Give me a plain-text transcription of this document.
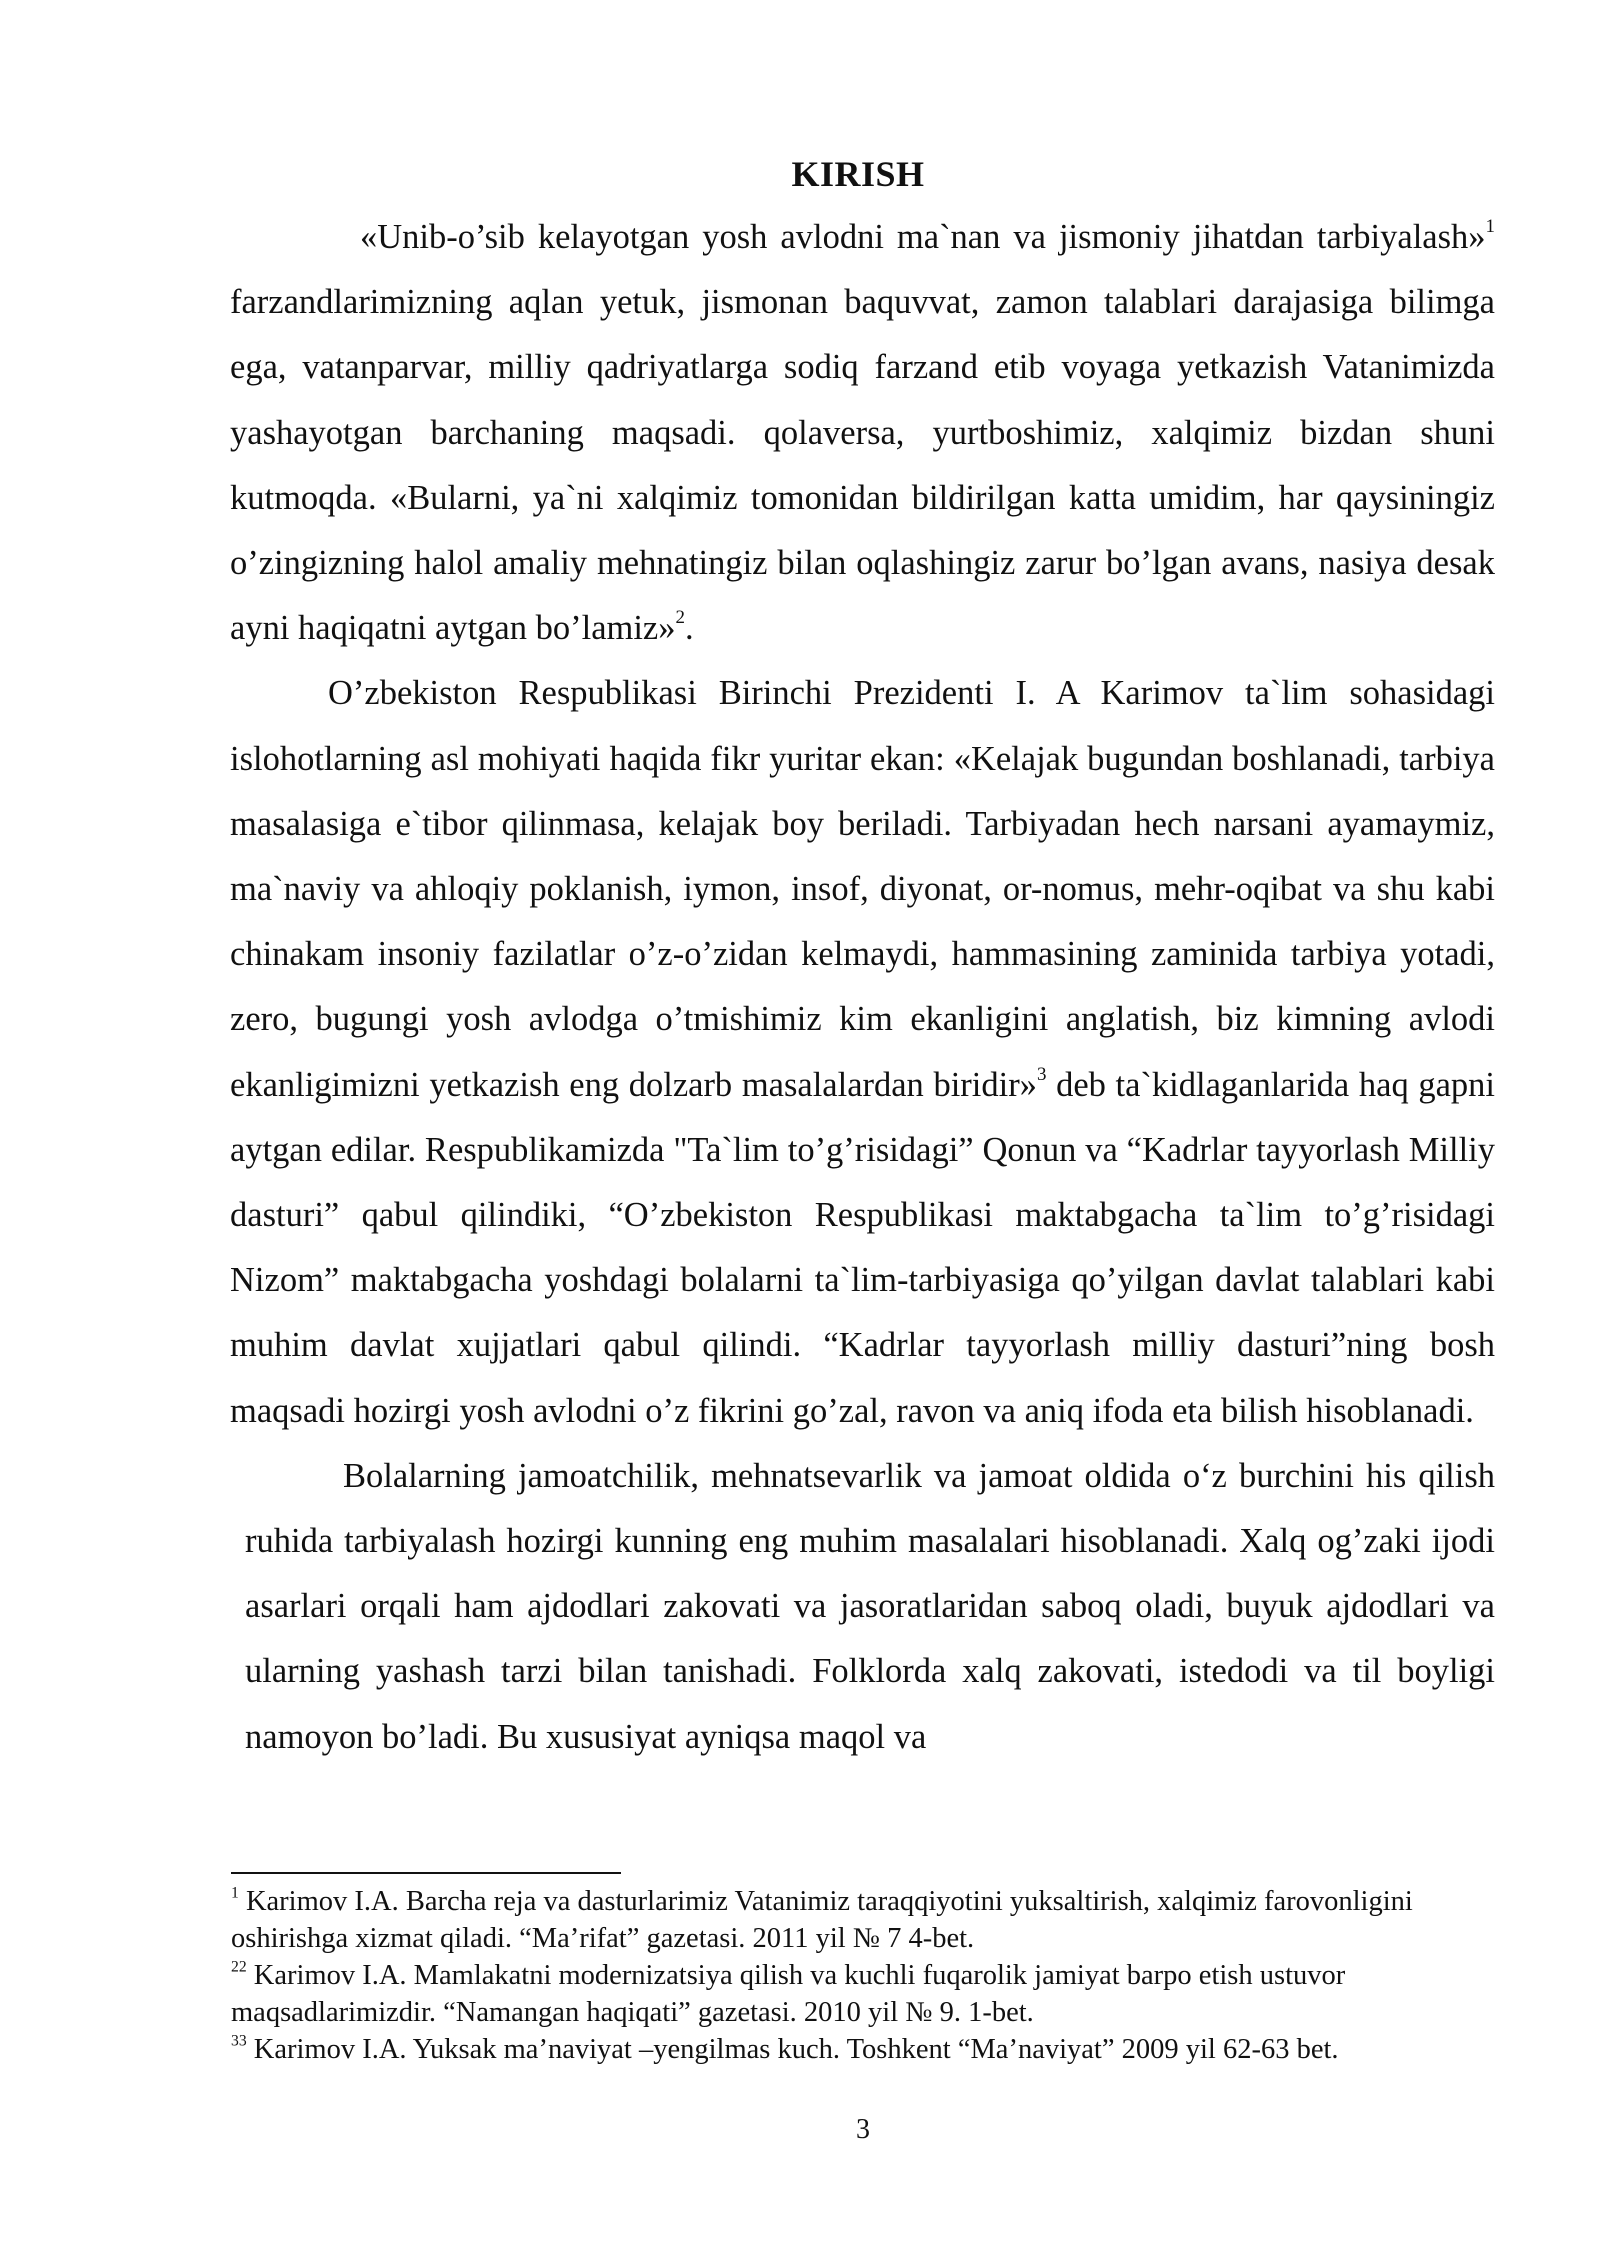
KIRISH

«Unib-o’sib kelayotgan yosh avlodni ma`nan va jismoniy jihatdan tarbiyalash»$^1$ farzandlarimizning aqlan yetuk, jismonan baquvvat, zamon talablari darajasiga bilimga ega, vatanparvar, milliy qadriyatlarga sodiq farzand etib voyaga yetkazish Vatanimizda yashayotgan barchaning maqsadi. qolaversa, yurtboshimiz, xalqimiz bizdan shuni kutmoqda. «Bularni, ya`ni xalqimiz tomonidan bildirilgan katta umidim, har qaysiningiz o’zingizning halol amaliy mehnatingiz bilan oqlashingiz zarur bo’lgan avans, nasiya desak ayni haqiqatni aytgan bo’lamiz»$^2$.

O’zbekiston Respublikasi Birinchi Prezidenti I. A Karimov ta`lim sohasidagi islohotlarning asl mohiyati haqida fikr yuritar ekan: «Kelajak bugundan boshlanadi, tarbiya masalasiga e`tibor qilinmasa, kelajak boy beriladi. Tarbiyadan hech narsani ayamaymiz, ma`naviy va ahloqiy poklanish, iymon, insof, diyonat, or-nomus, mehr-oqibat va shu kabi chinakam insoniy fazilatlar o’z-o’zidan kelmaydi, hammasining zaminida tarbiya yotadi, zero, bugungi yosh avlodga o’tmishimiz kim ekanligini anglatish, biz kimning avlodi ekanligimizni yetkazish eng dolzarb masalalardan biridir»$^3$ deb ta`kidlaganlarida haq gapni aytgan edilar. Respublikamizda "Ta`lim to’g’risidagi” Qonun va “Kadrlar tayyorlash Milliy dasturi” qabul qilindiki, “O’zbekiston Respublikasi maktabgacha ta`lim to’g’risidagi Nizom” maktabgacha yoshdagi bolalarni ta`lim-tarbiyasiga qo’yilgan davlat talablari kabi muhim davlat xujjatlari qabul qilindi. “Kadrlar tayyorlash milliy dasturi”ning bosh maqsadi hozirgi yosh avlodni o’z fikrini go’zal, ravon va aniq ifoda eta bilish hisoblanadi.

Bolalarning jamoatchilik, mehnatsevarlik va jamoat oldida o‘z burchini his qilish ruhida tarbiyalash hozirgi kunning eng muhim masalalari hisoblanadi. Xalq og’zaki ijodi asarlari orqali ham ajdodlari zakovati va jasoratlaridan saboq oladi, buyuk ajdodlari va ularning yashash tarzi bilan tanishadi. Folklorda xalq zakovati, istedodi va til boyligi namoyon bo’ladi. Bu xususiyat ayniqsa maqol va

$^1$ Karimov I.A. Barcha reja va dasturlarimiz Vatanimiz taraqqiyotini yuksaltirish, xalqimiz farovonligini oshirishga xizmat qiladi. “Ma’rifat” gazetasi. 2011 yil № 7 4-bet.

$^{22}$ Karimov I.A. Mamlakatni modernizatsiya qilish va kuchli fuqarolik jamiyat barpo etish ustuvor maqsadlarimizdir. “Namangan haqiqati” gazetasi. 2010 yil № 9. 1-bet.

$^{33}$ Karimov I.A. Yuksak ma’naviyat –yengilmas kuch. Toshkent “Ma’naviyat” 2009 yil 62-63 bet.

3
